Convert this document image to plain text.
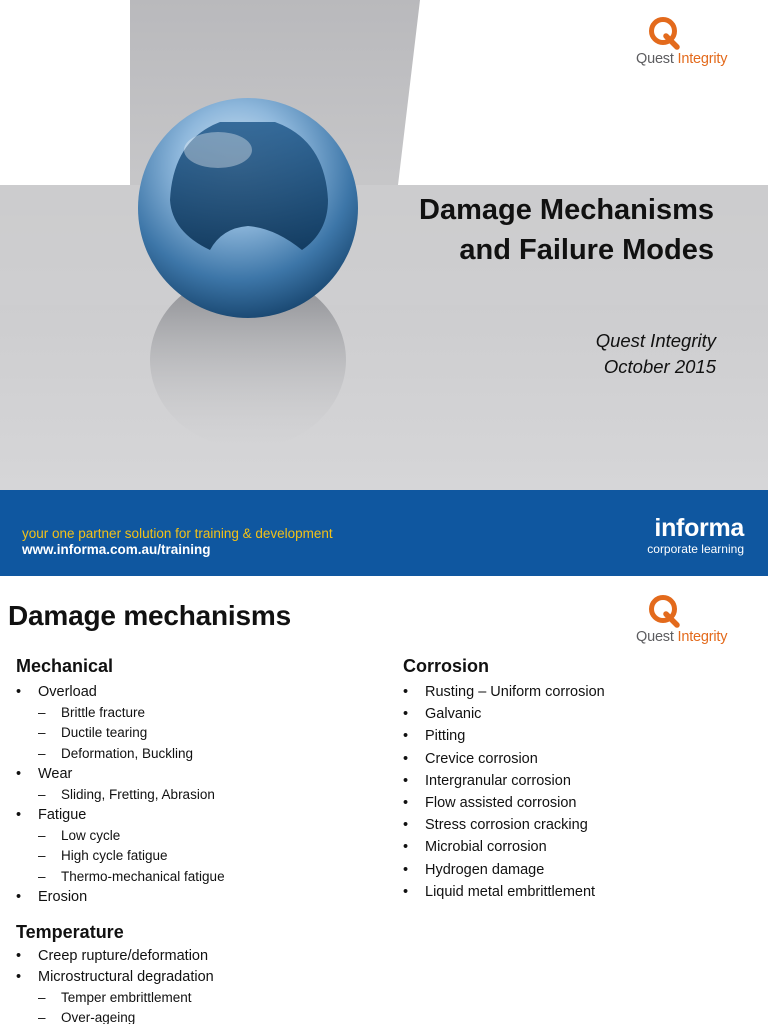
Quest Integrity
Damage Mechanisms
and Failure Modes
Quest Integrity
October 2015
your one partner solution for training & development
www.informa.com.au/training
informa
corporate learning
Damage mechanisms
Quest Integrity
Mechanical
• Overload
– Brittle fracture
– Ductile tearing
– Deformation, Buckling
• Wear
– Sliding, Fretting, Abrasion
• Fatigue
– Low cycle
– High cycle fatigue
– Thermo-mechanical fatigue
• Erosion
Temperature
• Creep rupture/deformation
• Microstructural degradation
– Temper embrittlement
– Over-ageing
Corrosion
• Rusting – Uniform corrosion
• Galvanic
• Pitting
• Crevice corrosion
• Intergranular corrosion
• Flow assisted corrosion
• Stress corrosion cracking
• Microbial corrosion
• Hydrogen damage
• Liquid metal embrittlement
